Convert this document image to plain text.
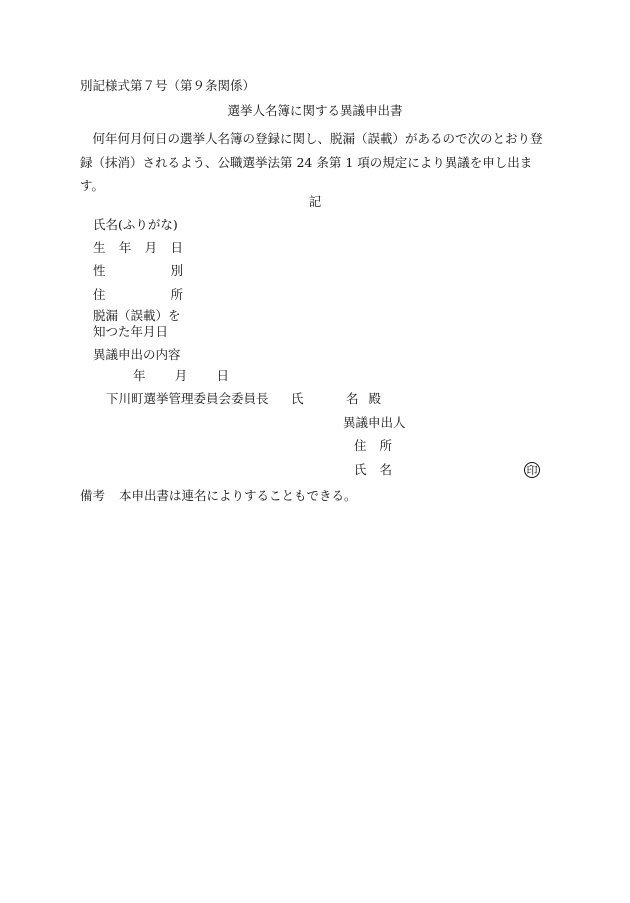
別記様式第７号（第９条関係）
選挙人名簿に関する異議申出書
　何年何月何日の選挙人名簿の登録に関し、脱漏（誤載）があるので次のとおり登録（抹消）されるよう、公職選挙法第 24 条第 1 項の規定により異議を申し出ます。
記
氏名(ふりがな)
生 年 月 日
性	別
住	所
脱漏（誤載）を
知つた年月日
異議申出の内容
年 月 日
下川町選挙管理委員会委員長 氏	名 殿
異議申出人
住 所
氏 名	印
備考 本申出書は連名によりすることもできる。
